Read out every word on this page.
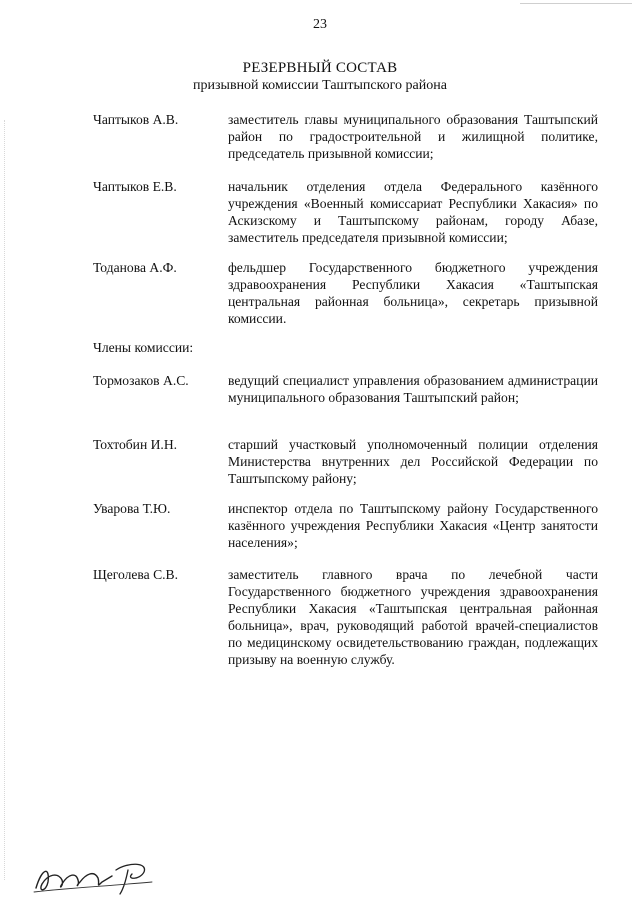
23
РЕЗЕРВНЫЙ СОСТАВ
призывной комиссии Таштыпского района
Чаптыков А.В.	заместитель главы муниципального образования Таштыпский район по градостроительной и жилищной политике, председатель призывной комиссии;
Чаптыков Е.В.	начальник отделения отдела Федерального казённого учреждения «Военный комиссариат Республики Хакасия» по Аскизскому и Таштыпскому районам, городу Абазе, заместитель председателя призывной комиссии;
Тоданова А.Ф.	фельдшер Государственного бюджетного учреждения здравоохранения Республики Хакасия «Таштыпская центральная районная больница», секретарь призывной комиссии.
Члены комиссии:
Тормозаков А.С.	ведущий специалист управления образованием администрации муниципального образования Таштыпский район;
Тохтобин И.Н.	старший участковый уполномоченный полиции отделения Министерства внутренних дел Российской Федерации по Таштыпскому району;
Уварова Т.Ю.	инспектор отдела по Таштыпскому району Государственного казённого учреждения Республики Хакасия «Центр занятости населения»;
Щеголева С.В.	заместитель главного врача по лечебной части Государственного бюджетного учреждения здравоохранения Республики Хакасия «Таштыпская центральная районная больница», врач, руководящий работой врачей-специалистов по медицинскому освидетельствованию граждан, подлежащих призыву на военную службу.
